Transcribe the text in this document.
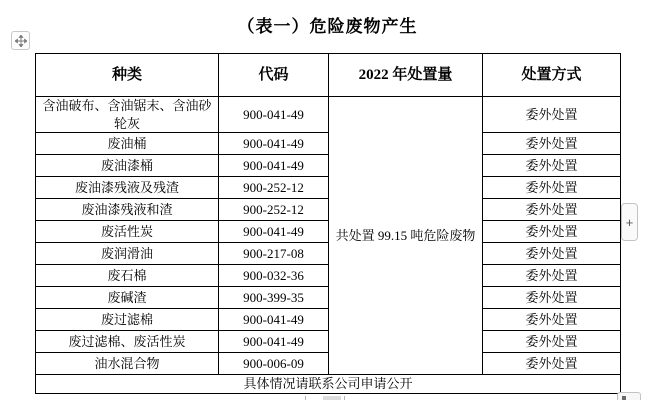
（表一）危险废物产生
种类	代码	2022 年处置量	处置方式
含油破布、含油锯末、含油砂轮灰	900-041-49	共处置 99.15 吨危险废物	委外处置
废油桶	900-041-49		委外处置
废油漆桶	900-041-49		委外处置
废油漆残液及残渣	900-252-12		委外处置
废油漆残液和渣	900-252-12		委外处置
废活性炭	900-041-49		委外处置
废润滑油	900-217-08		委外处置
废石棉	900-032-36		委外处置
废碱渣	900-399-35		委外处置
废过滤棉	900-041-49		委外处置
废过滤棉、废活性炭	900-041-49		委外处置
油水混合物	900-006-09		委外处置
具体情况请联系公司申请公开			
+
